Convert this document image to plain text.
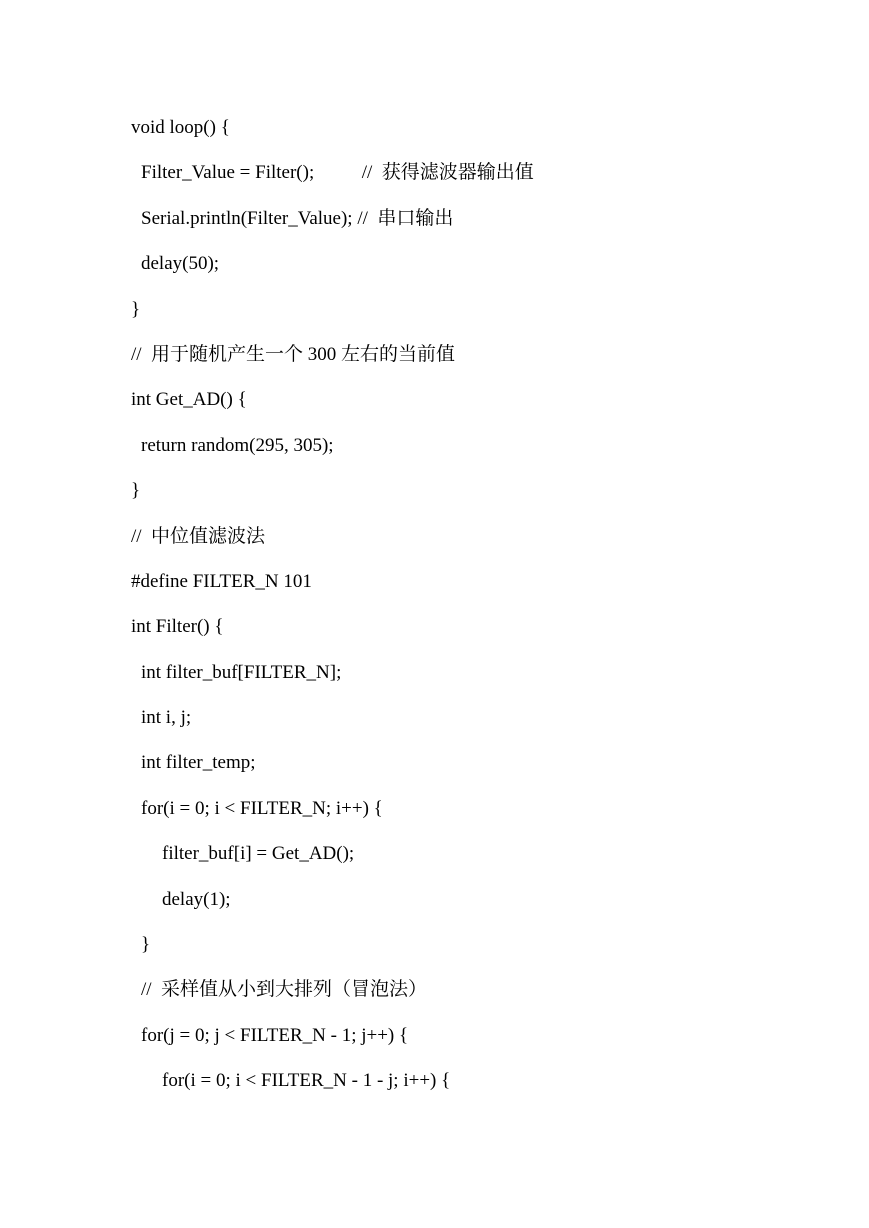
void loop() {
Filter_Value = Filter();          //  获得滤波器输出值
Serial.println(Filter_Value); //  串口输出
delay(50);
}
//  用于随机产生一个 300 左右的当前值
int Get_AD() {
return random(295, 305);
}
//  中位值滤波法
#define FILTER_N 101
int Filter() {
int filter_buf[FILTER_N];
int i, j;
int filter_temp;
for(i = 0; i < FILTER_N; i++) {
filter_buf[i] = Get_AD();
delay(1);
}
//  采样值从小到大排列（冒泡法）
for(j = 0; j < FILTER_N - 1; j++) {
for(i = 0; i < FILTER_N - 1 - j; i++) {
